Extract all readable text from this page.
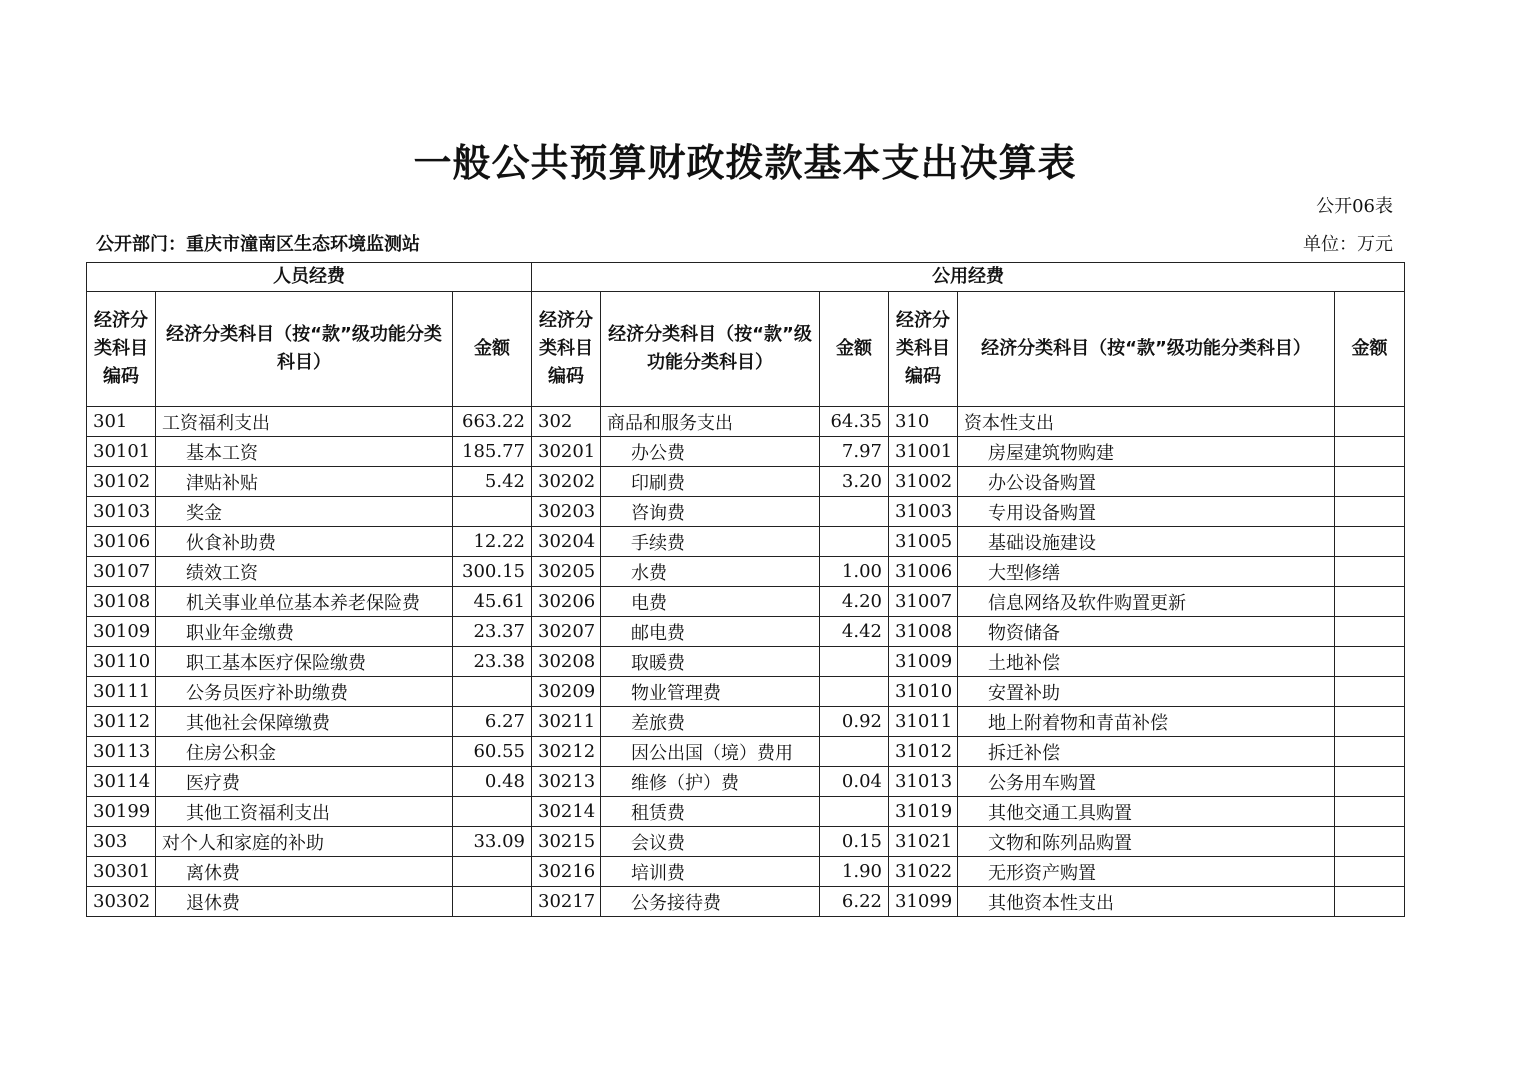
一般公共预算财政拨款基本支出决算表
公开06表
公开部门：重庆市潼南区生态环境监测站	单位：万元
人员经费			公用经费					
经济分类科目编码	经济分类科目（按“款”级功能分类科目）	金额	经济分类科目编码	经济分类科目（按“款”级功能分类科目）	金额	经济分类科目编码	经济分类科目（按“款”级功能分类科目）	金额
301	工资福利支出	663.22	302	商品和服务支出	64.35	310	资本性支出	
30101	基本工资	185.77	30201	办公费	7.97	31001	房屋建筑物购建	
30102	津贴补贴	5.42	30202	印刷费	3.20	31002	办公设备购置	
30103	奖金		30203	咨询费		31003	专用设备购置	
30106	伙食补助费	12.22	30204	手续费		31005	基础设施建设	
30107	绩效工资	300.15	30205	水费	1.00	31006	大型修缮	
30108	机关事业单位基本养老保险费	45.61	30206	电费	4.20	31007	信息网络及软件购置更新	
30109	职业年金缴费	23.37	30207	邮电费	4.42	31008	物资储备	
30110	职工基本医疗保险缴费	23.38	30208	取暖费		31009	土地补偿	
30111	公务员医疗补助缴费		30209	物业管理费		31010	安置补助	
30112	其他社会保障缴费	6.27	30211	差旅费	0.92	31011	地上附着物和青苗补偿	
30113	住房公积金	60.55	30212	因公出国（境）费用		31012	拆迁补偿	
30114	医疗费	0.48	30213	维修（护）费	0.04	31013	公务用车购置	
30199	其他工资福利支出		30214	租赁费		31019	其他交通工具购置	
303	对个人和家庭的补助	33.09	30215	会议费	0.15	31021	文物和陈列品购置	
30301	离休费		30216	培训费	1.90	31022	无形资产购置	
30302	退休费		30217	公务接待费	6.22	31099	其他资本性支出	
